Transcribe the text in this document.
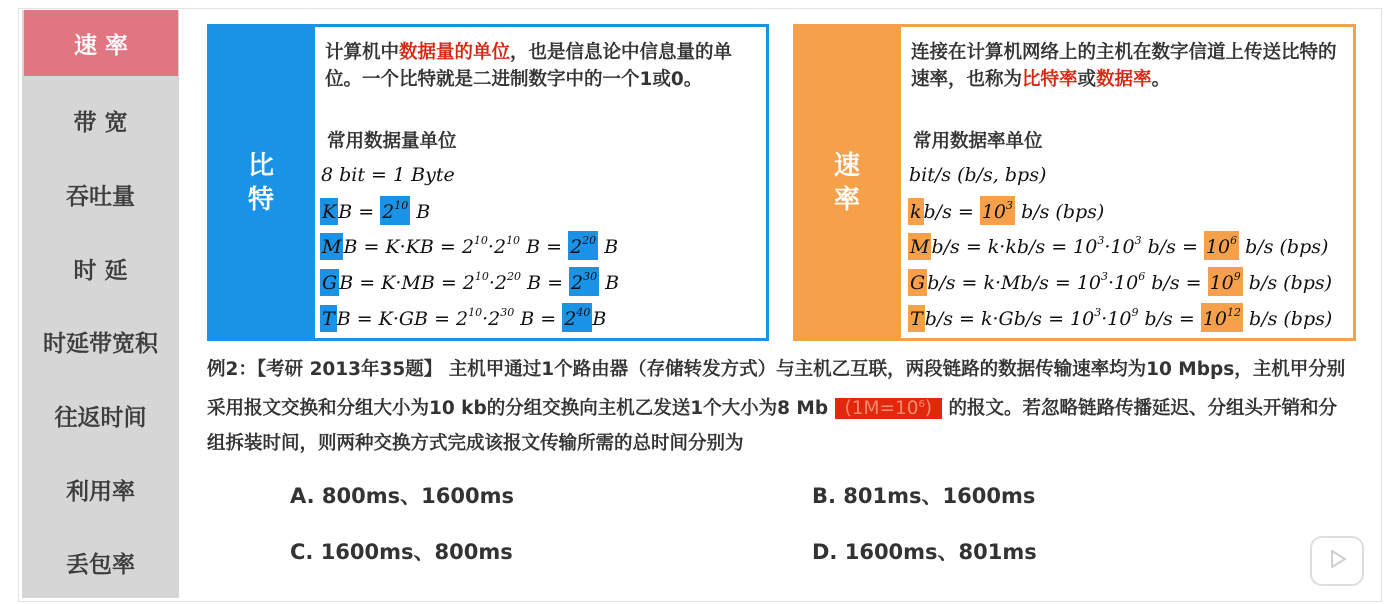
速 率
带 宽
吞吐量
时 延
时延带宽积
往返时间
利用率
丢包率
比
特
计算机中数据量的单位，也是信息论中信息量的单位。一个比特就是二进制数字中的一个1或0。
常用数据量单位
8 bit = 1 Byte
K $B = 2^{10}$ B
M $B = K\cdot KB = 2^{10}\cdot 2^{10}$ $B = 2^{20}$ B
G $B = K\cdot MB = 2^{10}\cdot 2^{20}$ $B = 2^{30}$ B
T $B = K\cdot GB = 2^{10}\cdot 2^{30}$ $B = 2^{40}$ B
速
率
连接在计算机网络上的主机在数字信道上传送比特的速率，也称为比特率或数据率。
常用数据率单位
bit/s (b/s, bps)
k $b/s = 10^3$ b/s (bps)
M $b/s = k\cdot kb/s = 10^3\cdot 10^3$ $b/s = 10^6$ b/s (bps)
G $b/s = k\cdot Mb/s = 10^3\cdot 10^6$ $b/s = 10^9$ b/s (bps)
T $b/s = k\cdot Gb/s = 10^3\cdot 10^9$ $b/s = 10^{12}$ b/s (bps)
例2：【考研 2013年35题】 主机甲通过1个路由器（存储转发方式）与主机乙互联，两段链路的数据传输速率均为10 Mbps，主机甲分别采用报文交换和分组大小为10 kb的分组交换向主机乙发送1个大小为8 Mb $(1M=10^6)$ 的报文。若忽略链路传播延迟、分组头开销和分组拆装时间，则两种交换方式完成该报文传输所需的总时间分别为
A. 800ms、1600ms	B. 801ms、1600ms
C. 1600ms、800ms	D. 1600ms、801ms
